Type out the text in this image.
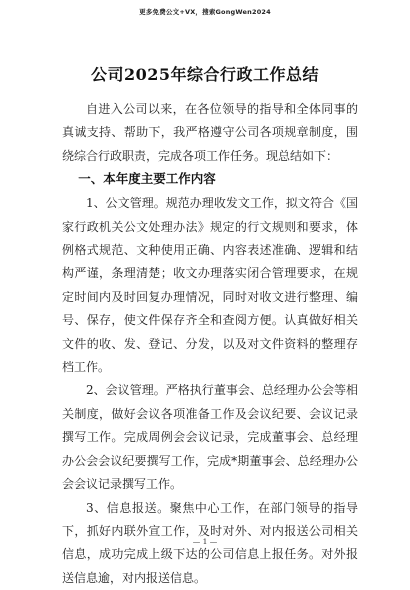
更多免费公文+VX，搜索GongWen2024
公司2025年综合行政工作总结

自进入公司以来，在各位领导的指导和全体同事的真诚支持、帮助下，我严格遵守公司各项规章制度，围绕综合行政职责，完成各项工作任务。现总结如下：

一、本年度主要工作内容

1、公文管理。规范办理收发文工作，拟文符合《国家行政机关公文处理办法》规定的行文规则和要求，体例格式规范、文种使用正确、内容表述准确、逻辑和结构严谨，条理清楚；收文办理落实闭合管理要求，在规定时间内及时回复办理情况，同时对收文进行整理、编号、保存，使文件保存齐全和查阅方便。认真做好相关文件的收、发、登记、分发，以及对文件资料的整理存档工作。

2、会议管理。严格执行董事会、总经理办公会等相关制度，做好会议各项准备工作及会议纪要、会议记录撰写工作。完成周例会会议记录，完成董事会、总经理办公会会议纪要撰写工作，完成*期董事会、总经理办公会会议记录撰写工作。

3、信息报送。聚焦中心工作，在部门领导的指导下，抓好内联外宣工作，及时对外、对内报送公司相关信息，成功完成上级下达的公司信息上报任务。对外报送信息逾，对内报送信息。

— 1 —
